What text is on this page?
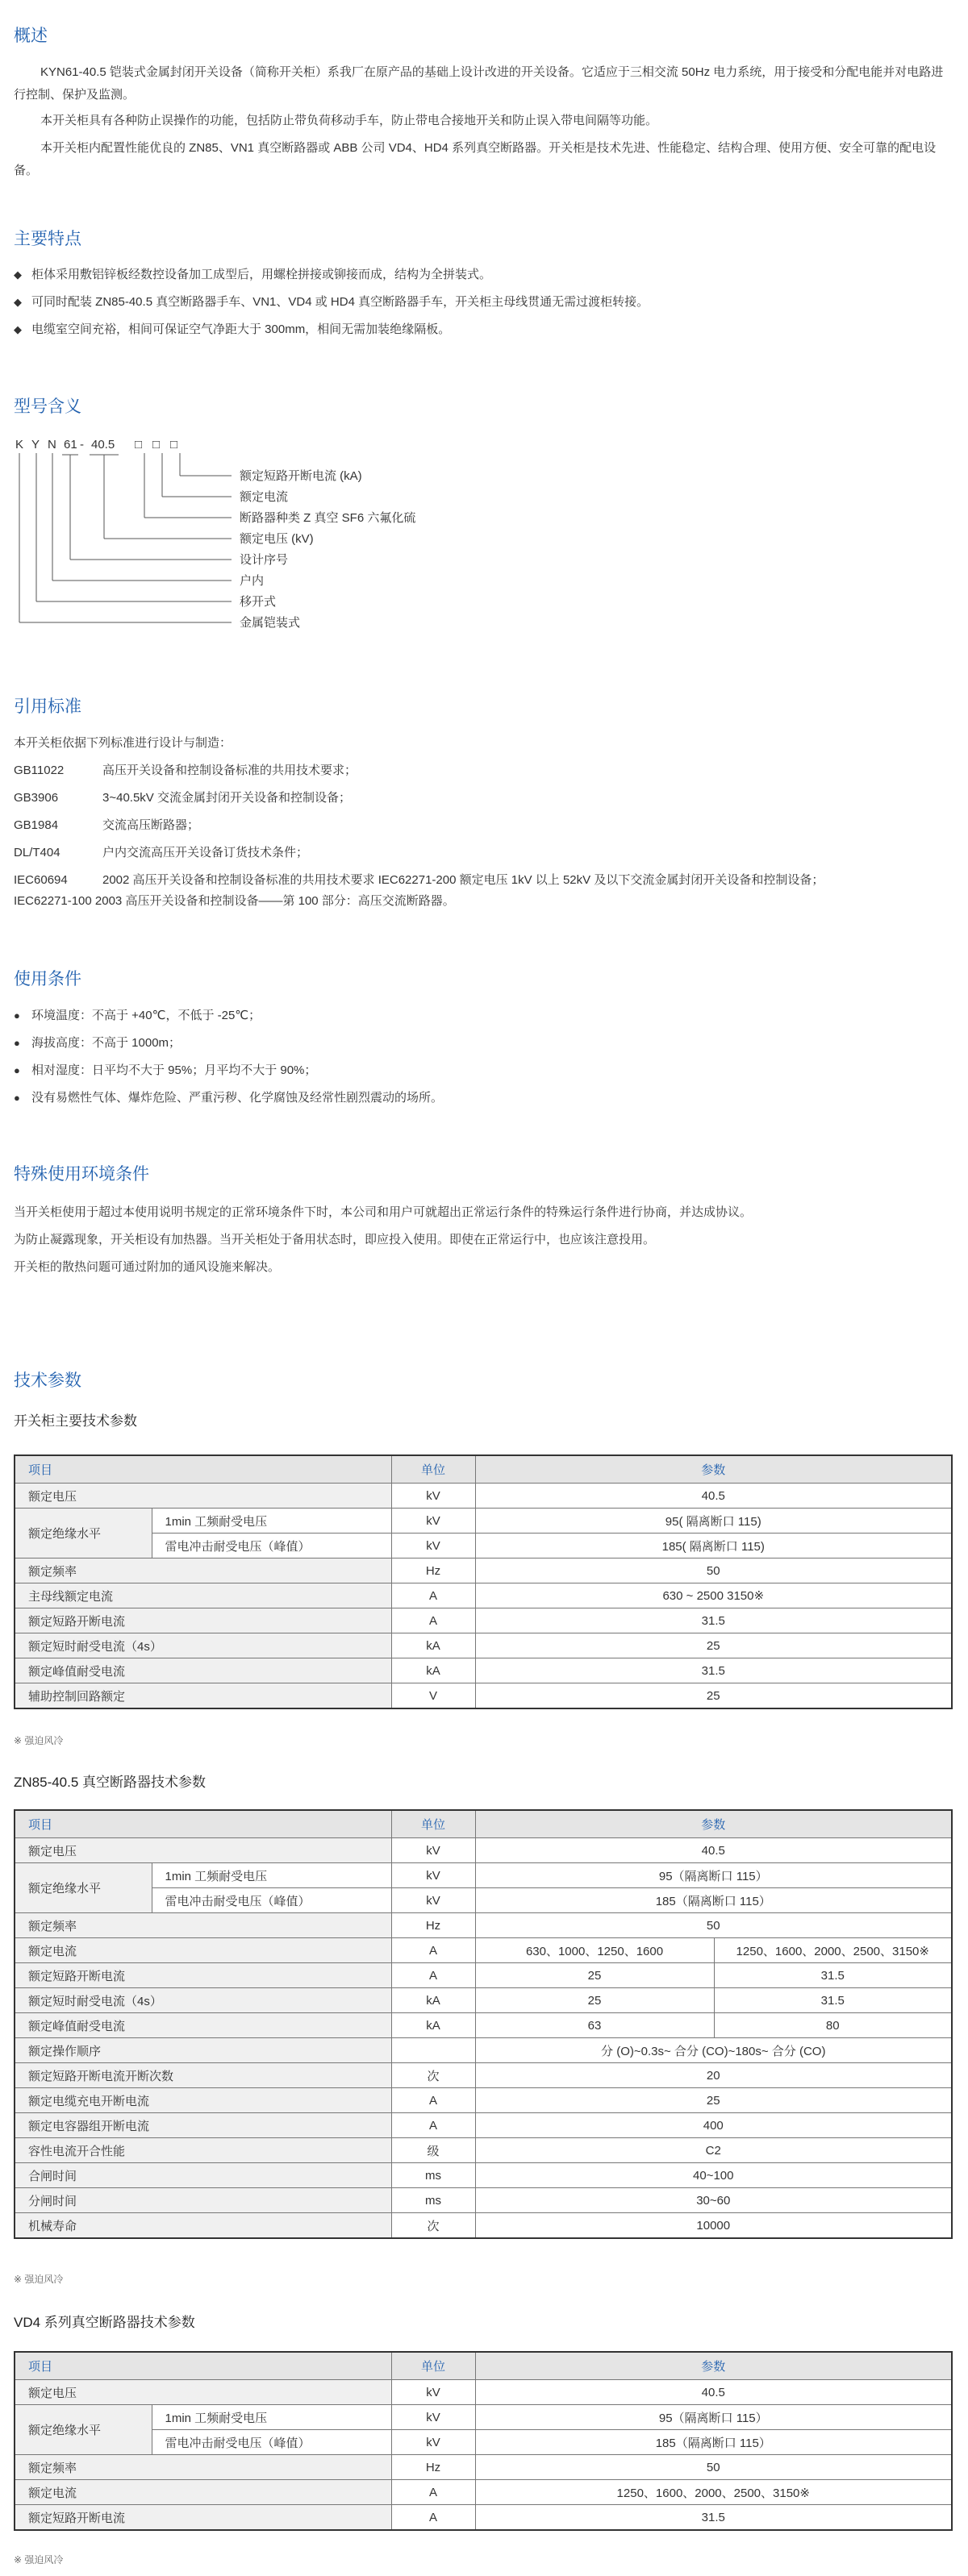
概述
KYN61-40.5 铠装式金属封闭开关设备（简称开关柜）系我厂在原产品的基础上设计改进的开关设备。它适应于三相交流 50Hz 电力系统，用于接受和分配电能并对电路进行控制、保护及监测。
本开关柜具有各种防止误操作的功能，包括防止带负荷移动手车，防止带电合接地开关和防止误入带电间隔等功能。
本开关柜内配置性能优良的 ZN85、VN1 真空断路器或 ABB 公司 VD4、HD4 系列真空断路器。开关柜是技术先进、性能稳定、结构合理、使用方便、安全可靠的配电设备。
主要特点
◆ 柜体采用敷铝锌板经数控设备加工成型后，用螺栓拼接或铆接而成，结构为全拼装式。
◆ 可同时配装 ZN85-40.5 真空断路器手车、VN1、VD4 或 HD4 真空断路器手车，开关柜主母线贯通无需过渡柜转接。
◆ 电缆室空间充裕，相间可保证空气净距大于 300mm，相间无需加装绝缘隔板。
型号含义
K Y N 61 - 40.5 □ □ □
额定短路开断电流 (kA)
额定电流
断路器种类 Z 真空 SF6 六氟化硫
额定电压 (kV)
设计序号
户内
移开式
金属铠装式
引用标准
本开关柜依据下列标准进行设计与制造：
GB11022	高压开关设备和控制设备标准的共用技术要求；
GB3906	3~40.5kV 交流金属封闭开关设备和控制设备；
GB1984	交流高压断路器；
DL/T404	户内交流高压开关设备订货技术条件；
IEC60694	2002 高压开关设备和控制设备标准的共用技术要求 IEC62271-200 额定电压 1kV 以上 52kV 及以下交流金属封闭开关设备和控制设备；
IEC62271-100 2003 高压开关设备和控制设备——第 100 部分：高压交流断路器。
使用条件
● 环境温度：不高于 +40℃，不低于 -25℃；
● 海拔高度：不高于 1000m；
● 相对湿度：日平均不大于 95%；月平均不大于 90%；
● 没有易燃性气体、爆炸危险、严重污秽、化学腐蚀及经常性剧烈震动的场所。
特殊使用环境条件
当开关柜使用于超过本使用说明书规定的正常环境条件下时，本公司和用户可就超出正常运行条件的特殊运行条件进行协商，并达成协议。
为防止凝露现象，开关柜设有加热器。当开关柜处于备用状态时，即应投入使用。即使在正常运行中，也应该注意投用。
开关柜的散热问题可通过附加的通风设施来解决。
技术参数
开关柜主要技术参数
项目		单位	参数
额定电压		kV	40.5
额定绝缘水平	1min 工频耐受电压	kV	95( 隔离断口 115)
	雷电冲击耐受电压（峰值）	kV	185( 隔离断口 115)
额定频率		Hz	50
主母线额定电流		A	630 ~ 2500 3150※
额定短路开断电流		A	31.5
额定短时耐受电流（4s）		kA	25
额定峰值耐受电流		kA	31.5
辅助控制回路额定		V	25
※ 强迫风冷
ZN85-40.5 真空断路器技术参数
项目		单位	参数	
额定电压		kV	40.5	
额定绝缘水平	1min 工频耐受电压	kV	95（隔离断口 115）	
	雷电冲击耐受电压（峰值）	kV	185（隔离断口 115）	
额定频率		Hz	50	
额定电流		A	630、1000、1250、1600	1250、1600、2000、2500、3150※
额定短路开断电流		A	25	31.5
额定短时耐受电流（4s）		kA	25	31.5
额定峰值耐受电流		kA	63	80
额定操作顺序			分 (O)~0.3s~ 合分 (CO)~180s~ 合分 (CO)	
额定短路开断电流开断次数		次	20	
额定电缆充电开断电流		A	25	
额定电容器组开断电流		A	400	
容性电流开合性能		级	C2	
合闸时间		ms	40~100	
分闸时间		ms	30~60	
机械寿命		次	10000	
※ 强迫风冷
VD4 系列真空断路器技术参数
项目		单位	参数
额定电压		kV	40.5
额定绝缘水平	1min 工频耐受电压	kV	95（隔离断口 115）
	雷电冲击耐受电压（峰值）	kV	185（隔离断口 115）
额定频率		Hz	50
额定电流		A	1250、1600、2000、2500、3150※
额定短路开断电流		A	31.5
※ 强迫风冷
